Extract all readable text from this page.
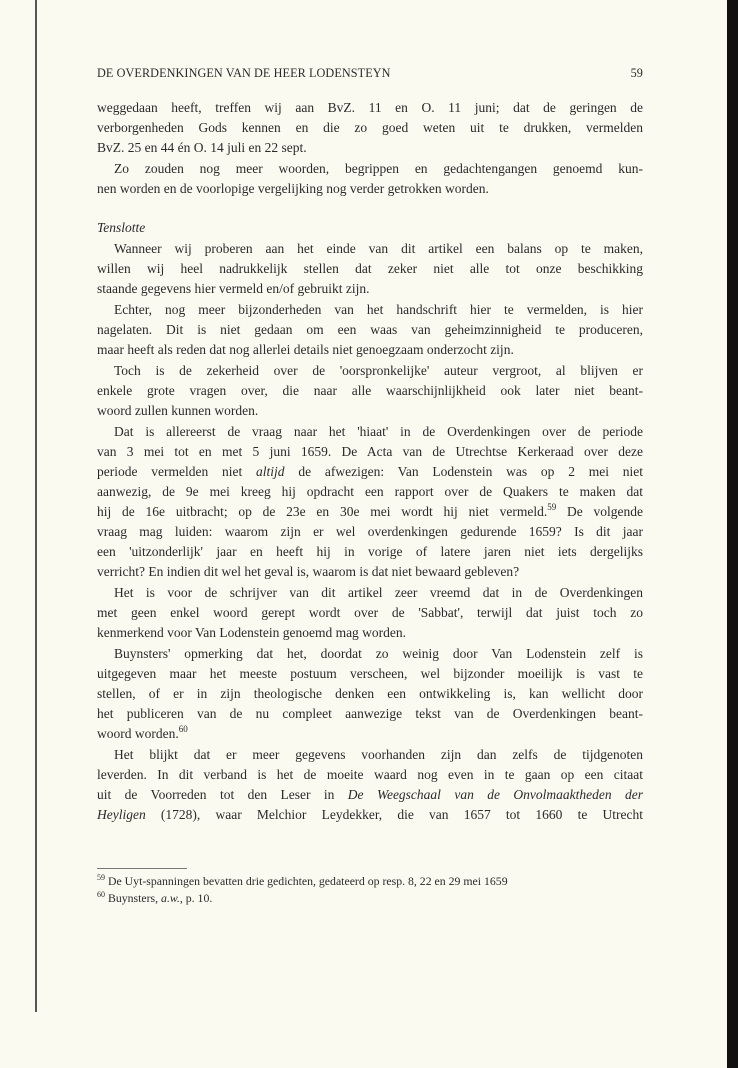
DE OVERDENKINGEN VAN DE HEER LODENSTEYN	59
weggedaan heeft, treffen wij aan BvZ. 11 en O. 11 juni; dat de geringen de
verborgenheden Gods kennen en die zo goed weten uit te drukken, vermelden
BvZ. 25 en 44 én O. 14 juli en 22 sept.
Zo zouden nog meer woorden, begrippen en gedachtengangen genoemd kun-
nen worden en de voorlopige vergelijking nog verder getrokken worden.
Tenslotte
Wanneer wij proberen aan het einde van dit artikel een balans op te maken,
willen wij heel nadrukkelijk stellen dat zeker niet alle tot onze beschikking
staande gegevens hier vermeld en/of gebruikt zijn.
Echter, nog meer bijzonderheden van het handschrift hier te vermelden, is hier
nagelaten. Dit is niet gedaan om een waas van geheimzinnigheid te produceren,
maar heeft als reden dat nog allerlei details niet genoegzaam onderzocht zijn.
Toch is de zekerheid over de 'oorspronkelijke' auteur vergroot, al blijven er
enkele grote vragen over, die naar alle waarschijnlijkheid ook later niet beant-
woord zullen kunnen worden.
Dat is allereerst de vraag naar het 'hiaat' in de Overdenkingen over de periode
van 3 mei tot en met 5 juni 1659. De Acta van de Utrechtse Kerkeraad over deze
periode vermelden niet altijd de afwezigen: Van Lodenstein was op 2 mei niet
aanwezig, de 9e mei kreeg hij opdracht een rapport over de Quakers te maken dat
hij de 16e uitbracht; op de 23e en 30e mei wordt hij niet vermeld.$^{59}$ De volgende
vraag mag luiden: waarom zijn er wel overdenkingen gedurende 1659? Is dit jaar
een 'uitzonderlijk' jaar en heeft hij in vorige of latere jaren niet iets dergelijks
verricht? En indien dit wel het geval is, waarom is dat niet bewaard gebleven?
Het is voor de schrijver van dit artikel zeer vreemd dat in de Overdenkingen
met geen enkel woord gerept wordt over de 'Sabbat', terwijl dat juist toch zo
kenmerkend voor Van Lodenstein genoemd mag worden.
Buynsters' opmerking dat het, doordat zo weinig door Van Lodenstein zelf is
uitgegeven maar het meeste postuum verscheen, wel bijzonder moeilijk is vast te
stellen, of er in zijn theologische denken een ontwikkeling is, kan wellicht door
het publiceren van de nu compleet aanwezige tekst van de Overdenkingen beant-
woord worden.$^{60}$
Het blijkt dat er meer gegevens voorhanden zijn dan zelfs de tijdgenoten
leverden. In dit verband is het de moeite waard nog even in te gaan op een citaat
uit de Voorreden tot den Leser in De Weegschaal van de Onvolmaaktheden der
Heyligen (1728), waar Melchior Leydekker, die van 1657 tot 1660 te Utrecht
$^{59}$ De Uyt-spanningen bevatten drie gedichten, gedateerd op resp. 8, 22 en 29 mei 1659
$^{60}$ Buynsters, a.w., p. 10.
